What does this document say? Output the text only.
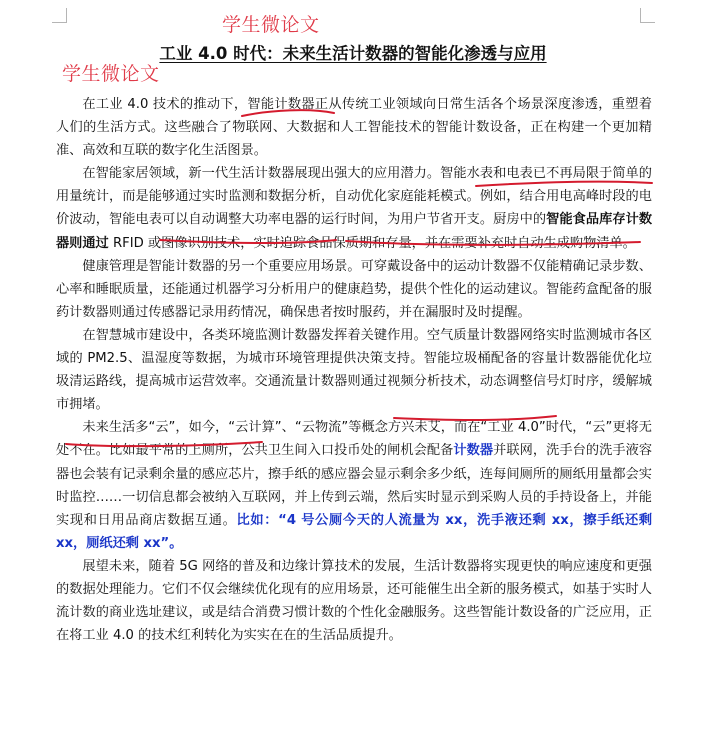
学生微论文
学生微论文
工业 4.0 时代：未来生活计数器的智能化渗透与应用

在工业 4.0 技术的推动下，智能计数器正从传统工业领域向日常生活各个场景深度渗透，重塑着人们的生活方式。这些融合了物联网、大数据和人工智能技术的智能计数设备，正在构建一个更加精准、高效和互联的数字化生活图景。

在智能家居领域，新一代生活计数器展现出强大的应用潜力。智能水表和电表已不再局限于简单的用量统计，而是能够通过实时监测和数据分析，自动优化家庭能耗模式。例如，结合用电高峰时段的电价波动，智能电表可以自动调整大功率电器的运行时间，为用户节省开支。厨房中的智能食品库存计数器则通过 RFID 或图像识别技术，实时追踪食品保质期和存量，并在需要补充时自动生成购物清单。

健康管理是智能计数器的另一个重要应用场景。可穿戴设备中的运动计数器不仅能精确记录步数、心率和睡眠质量，还能通过机器学习分析用户的健康趋势，提供个性化的运动建议。智能药盒配备的服药计数器则通过传感器记录用药情况，确保患者按时服药，并在漏服时及时提醒。

在智慧城市建设中，各类环境监测计数器发挥着关键作用。空气质量计数器网络实时监测城市各区域的 PM2.5、温湿度等数据，为城市环境管理提供决策支持。智能垃圾桶配备的容量计数器能优化垃圾清运路线，提高城市运营效率。交通流量计数器则通过视频分析技术，动态调整信号灯时序，缓解城市拥堵。

未来生活多“云”，如今，“云计算”、“云物流”等概念方兴未艾，而在“工业 4.0”时代，“云”更将无处不在。比如最平常的上厕所，公共卫生间入口投币处的闸机会配备计数器并联网，洗手台的洗手液容器也会装有记录剩余量的感应芯片，擦手纸的感应器会显示剩余多少纸，连每间厕所的厕纸用量都会实时监控……一切信息都会被纳入互联网，并上传到云端，然后实时显示到采购人员的手持设备上，并能实现和日用品商店数据互通。比如：“4 号公厕今天的人流量为 xx，洗手液还剩 xx，擦手纸还剩 xx，厕纸还剩 xx”。

展望未来，随着 5G 网络的普及和边缘计算技术的发展，生活计数器将实现更快的响应速度和更强的数据处理能力。它们不仅会继续优化现有的应用场景，还可能催生出全新的服务模式，如基于实时人流计数的商业选址建议，或是结合消费习惯计数的个性化金融服务。这些智能计数设备的广泛应用，正在将工业 4.0 的技术红利转化为实实在在的生活品质提升。
